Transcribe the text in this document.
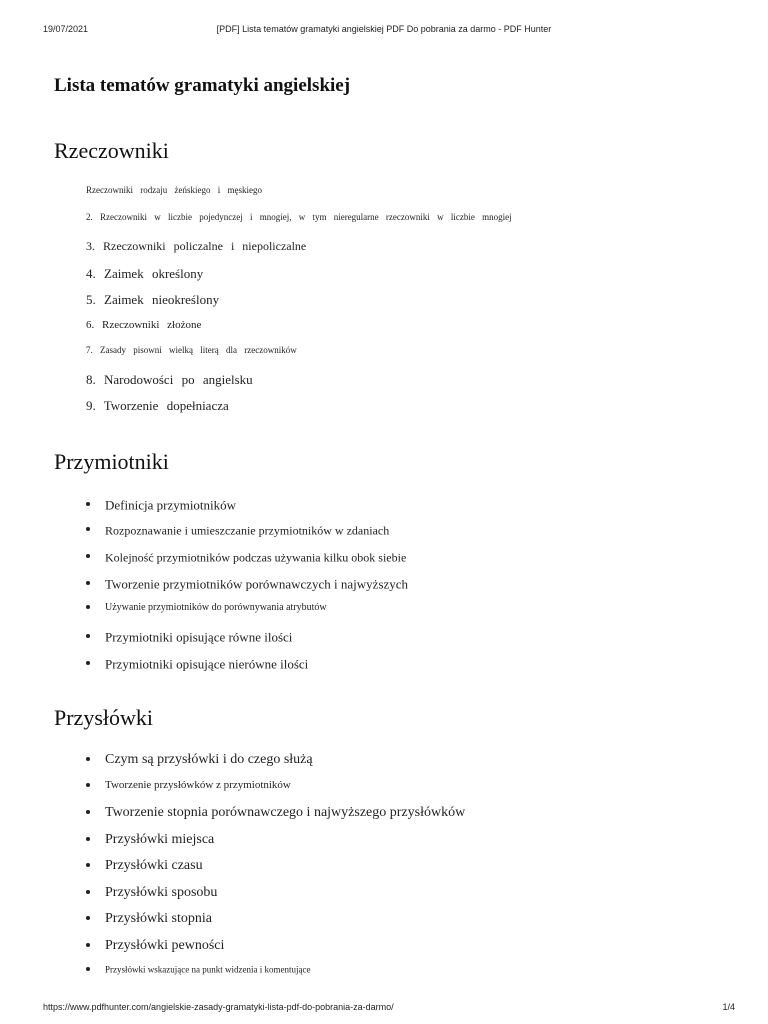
19/07/2021	[PDF] Lista tematów gramatyki angielskiej PDF Do pobrania za darmo - PDF Hunter
Lista tematów gramatyki angielskiej
Rzeczowniki
Rzeczowniki rodzaju żeńskiego i męskiego
2. Rzeczowniki w liczbie pojedynczej i mnogiej, w tym nieregularne rzeczowniki w liczbie mnogiej
3. Rzeczowniki policzalne i niepoliczalne
4. Zaimek określony
5. Zaimek nieokreślony
6. Rzeczowniki złożone
7. Zasady pisowni wielką literą dla rzeczowników
8. Narodowości po angielsku
9. Tworzenie dopełniacza
Przymiotniki
Definicja przymiotników
Rozpoznawanie i umieszczanie przymiotników w zdaniach
Kolejność przymiotników podczas używania kilku obok siebie
Tworzenie przymiotników porównawczych i najwyższych
Używanie przymiotników do porównywania atrybutów
Przymiotniki opisujące równe ilości
Przymiotniki opisujące nierówne ilości
Przysłówki
Czym są przysłówki i do czego służą
Tworzenie przysłówków z przymiotników
Tworzenie stopnia porównawczego i najwyższego przysłówków
Przysłówki miejsca
Przysłówki czasu
Przysłówki sposobu
Przysłówki stopnia
Przysłówki pewności
Przysłówki wskazujące na punkt widzenia i komentujące
https://www.pdfhunter.com/angielskie-zasady-gramatyki-lista-pdf-do-pobrania-za-darmo/	1/4
